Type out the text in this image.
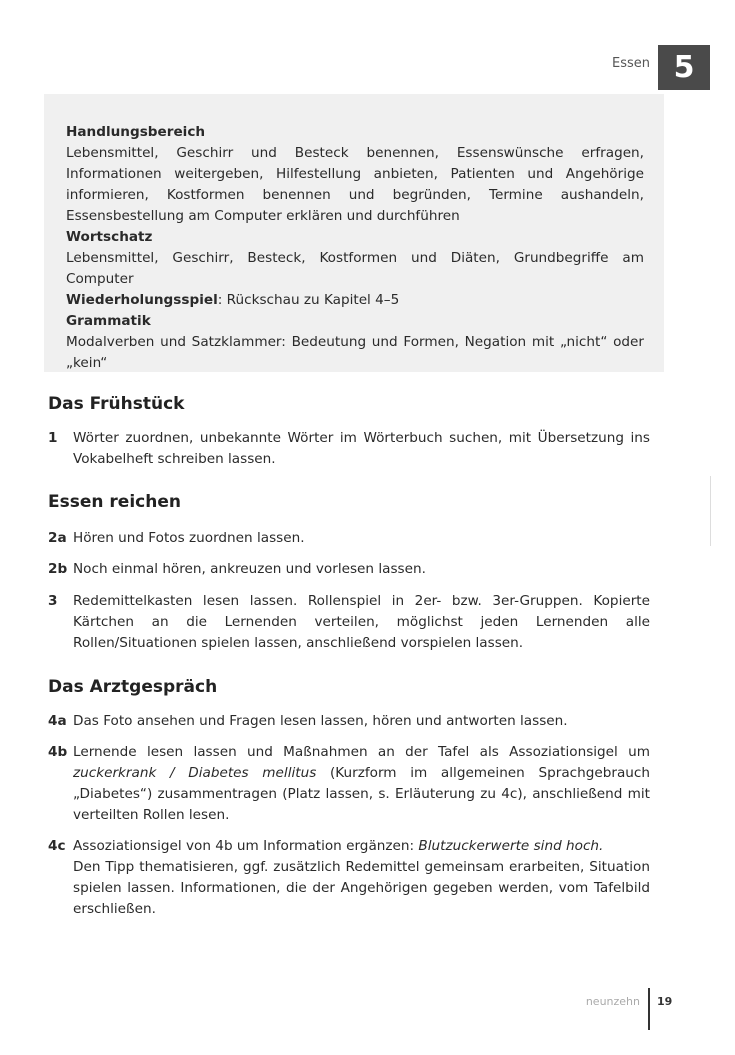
Essen 5

Handlungsbereich

Lebensmittel, Geschirr und Besteck benennen, Essenswünsche erfragen, Informationen weitergeben, Hilfestellung anbieten, Patienten und Angehörige informieren, Kostformen benennen und begründen, Termine aushandeln, Essensbestellung am Computer erklären und durchführen

Wortschatz

Lebensmittel, Geschirr, Besteck, Kostformen und Diäten, Grundbegriffe am Computer

Wiederholungsspiel: Rückschau zu Kapitel 4–5

Grammatik

Modalverben und Satzklammer: Bedeutung und Formen, Negation mit „nicht“ oder „kein“

Das Frühstück
1 Wörter zuordnen, unbekannte Wörter im Wörterbuch suchen, mit Übersetzung ins Vokabelheft schreiben lassen.
Essen reichen
2a Hören und Fotos zuordnen lassen.
2b Noch einmal hören, ankreuzen und vorlesen lassen.
3 Redemittelkasten lesen lassen. Rollenspiel in 2er- bzw. 3er-Gruppen. Kopierte Kärtchen an die Lernenden verteilen, möglichst jeden Lernenden alle Rollen/Situationen spielen lassen, anschließend vorspielen lassen.
Das Arztgespräch
4a Das Foto ansehen und Fragen lesen lassen, hören und antworten lassen.
4b Lernende lesen lassen und Maßnahmen an der Tafel als Assoziationsigel um zuckerkrank / Diabetes mellitus (Kurzform im allgemeinen Sprachgebrauch „Diabetes“) zusammentragen (Platz lassen, s. Erläuterung zu 4c), anschließend mit verteilten Rollen lesen.
4c Assoziationsigel von 4b um Information ergänzen: Blutzuckerwerte sind hoch.
Den Tipp thematisieren, ggf. zusätzlich Redemittel gemeinsam erarbeiten, Situation spielen lassen. Informationen, die der Angehörigen gegeben werden, vom Tafelbild erschließen.
neunzehn 19
